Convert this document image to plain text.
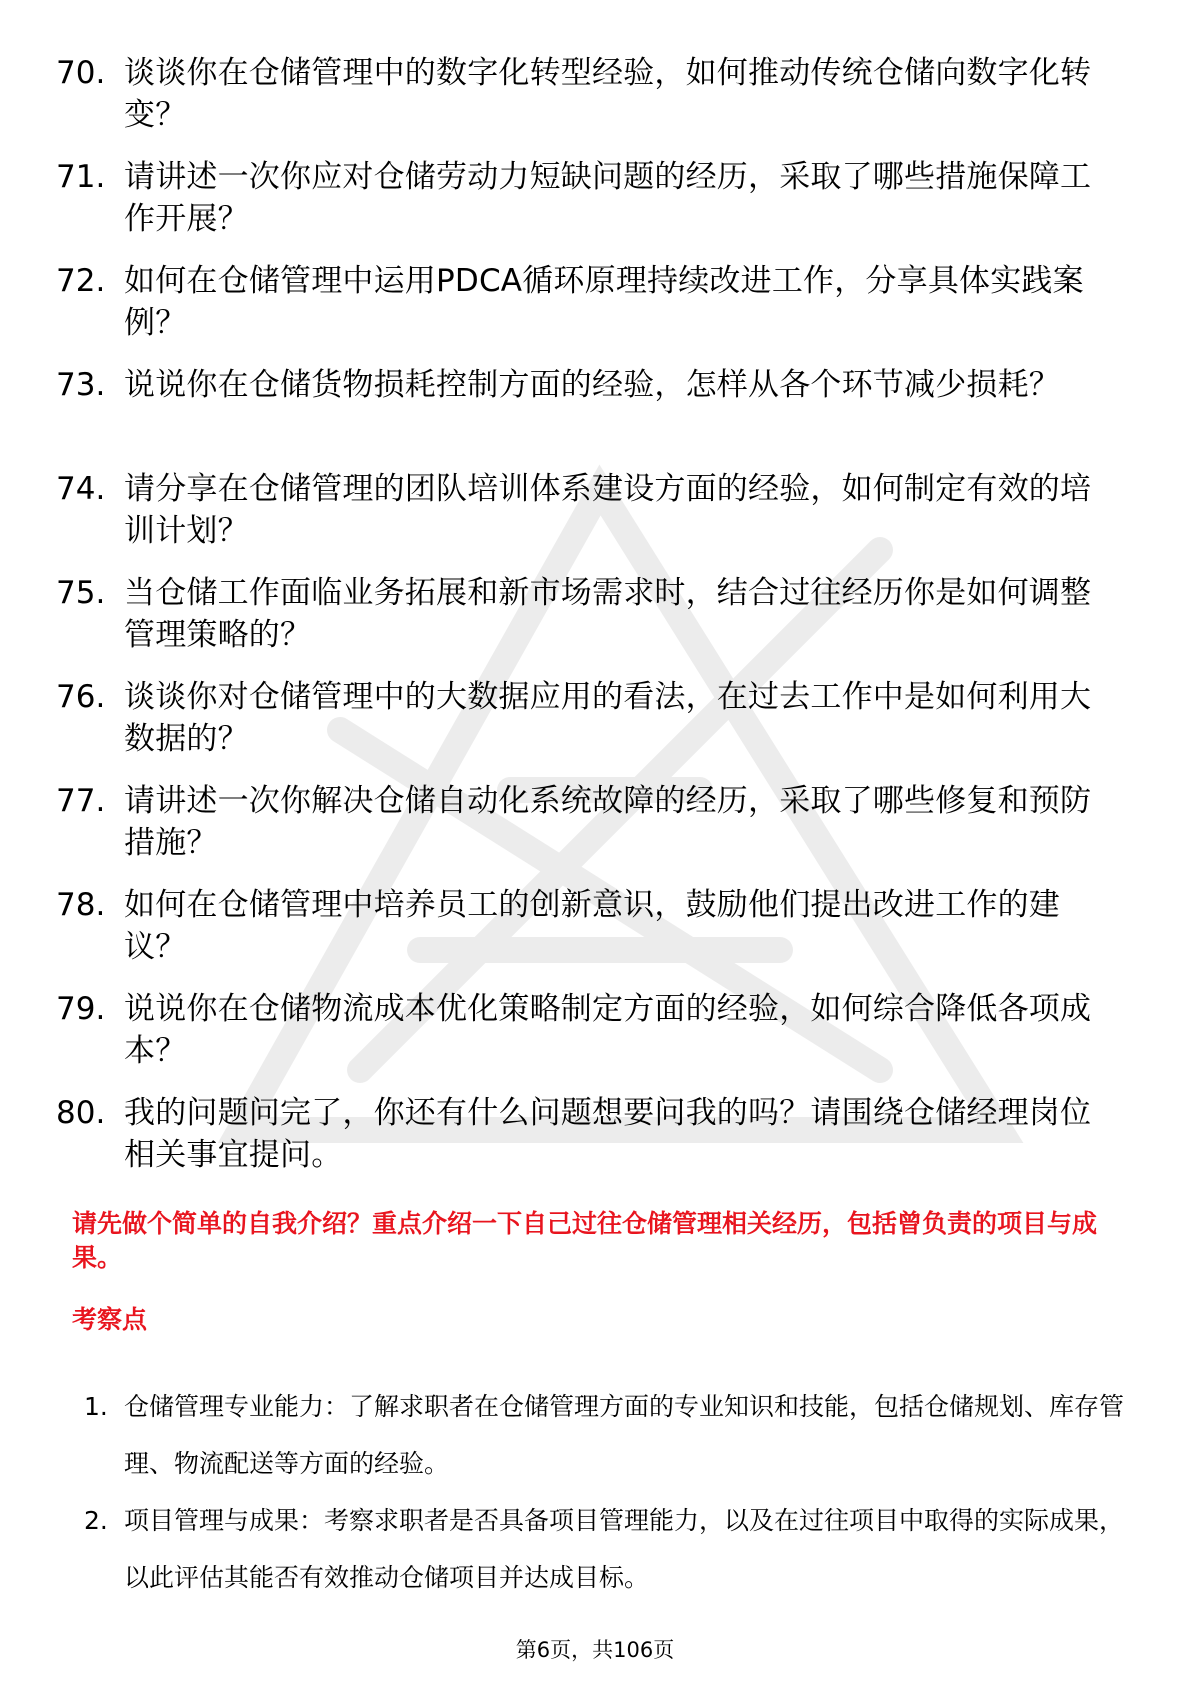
70. 谈谈你在仓储管理中的数字化转型经验，如何推动传统仓储向数字化转变？
71. 请讲述一次你应对仓储劳动力短缺问题的经历，采取了哪些措施保障工作开展？
72. 如何在仓储管理中运用PDCA循环原理持续改进工作，分享具体实践案例？
73. 说说你在仓储货物损耗控制方面的经验，怎样从各个环节减少损耗？
74. 请分享在仓储管理的团队培训体系建设方面的经验，如何制定有效的培训计划？
75. 当仓储工作面临业务拓展和新市场需求时，结合过往经历你是如何调整管理策略的？
76. 谈谈你对仓储管理中的大数据应用的看法，在过去工作中是如何利用大数据的？
77. 请讲述一次你解决仓储自动化系统故障的经历，采取了哪些修复和预防措施？
78. 如何在仓储管理中培养员工的创新意识，鼓励他们提出改进工作的建议？
79. 说说你在仓储物流成本优化策略制定方面的经验，如何综合降低各项成本？
80. 我的问题问完了，你还有什么问题想要问我的吗？请围绕仓储经理岗位相关事宜提问。
请先做个简单的自我介绍？重点介绍一下自己过往仓储管理相关经历，包括曾负责的项目与成果。
考察点
1. 仓储管理专业能力：了解求职者在仓储管理方面的专业知识和技能，包括仓储规划、库存管理、物流配送等方面的经验。
2. 项目管理与成果：考察求职者是否具备项目管理能力，以及在过往项目中取得的实际成果，以此评估其能否有效推动仓储项目并达成目标。
第6页，共106页
